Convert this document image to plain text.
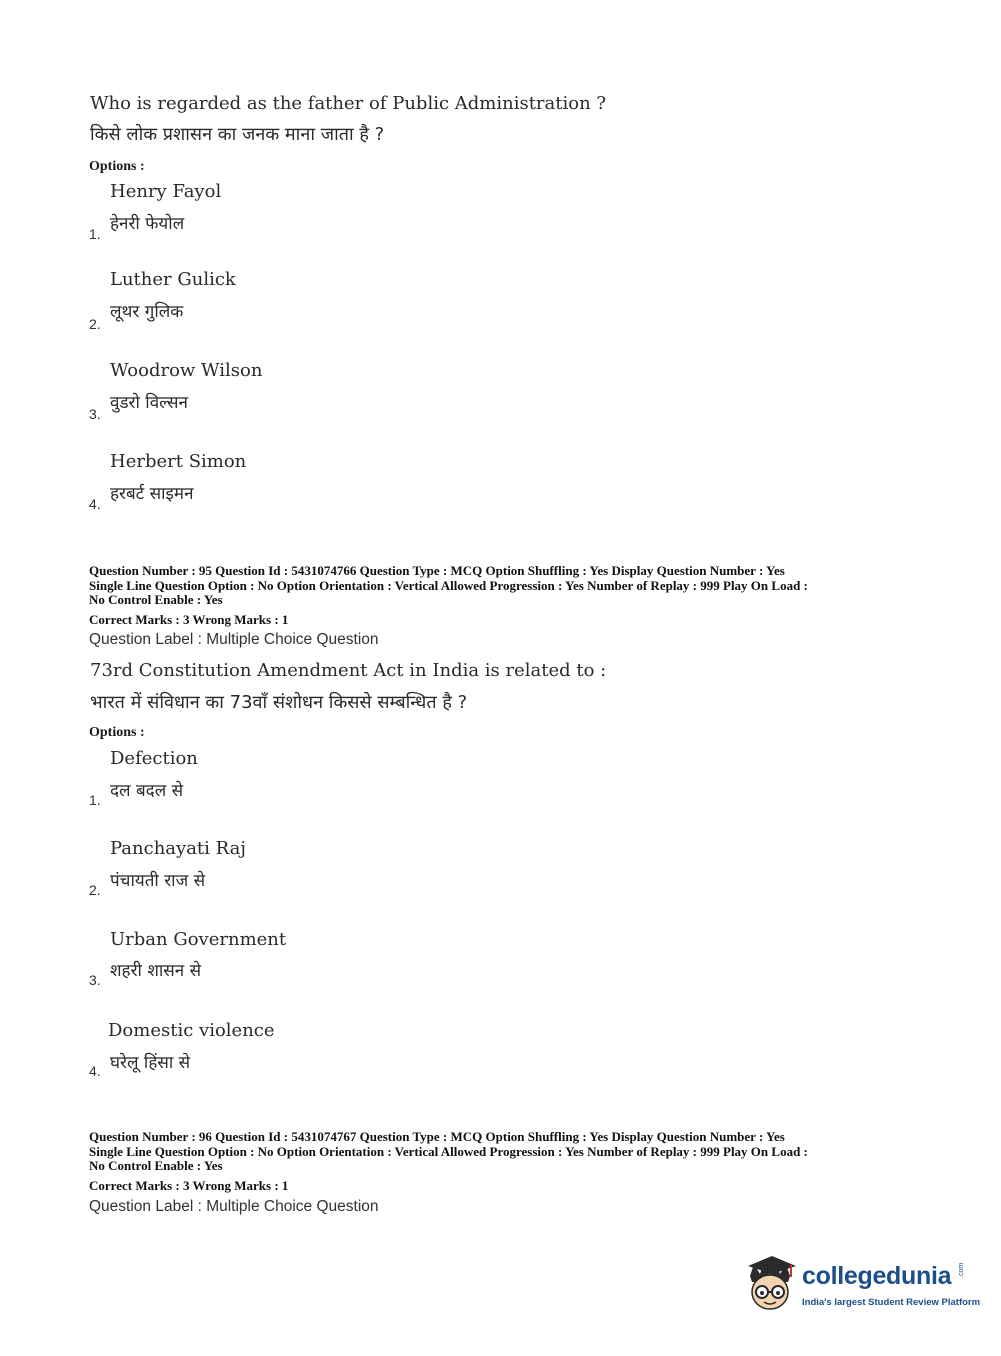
Who is regarded as the father of Public Administration ?
किसे लोक प्रशासन का जनक माना जाता है ?
Options :
Henry Fayol
हेनरी फेयोल
1.
Luther Gulick
लूथर गुलिक
2.
Woodrow Wilson
वुडरो विल्सन
3.
Herbert Simon
हरबर्ट साइमन
4.
Question Number : 95 Question Id : 5431074766 Question Type : MCQ Option Shuffling : Yes Display Question Number : Yes
Single Line Question Option : No Option Orientation : Vertical Allowed Progression : Yes Number of Replay : 999 Play On Load :
No Control Enable : Yes
Correct Marks : 3 Wrong Marks : 1
Question Label : Multiple Choice Question
73rd Constitution Amendment Act in India is related to :
भारत में संविधान का 73वाँ संशोधन किससे सम्बन्धित है ?
Options :
Defection
दल बदल से
1.
Panchayati Raj
पंचायती राज से
2.
Urban Government
शहरी शासन से
3.
Domestic violence
घरेलू हिंसा से
4.
Question Number : 96 Question Id : 5431074767 Question Type : MCQ Option Shuffling : Yes Display Question Number : Yes
Single Line Question Option : No Option Orientation : Vertical Allowed Progression : Yes Number of Replay : 999 Play On Load :
No Control Enable : Yes
Correct Marks : 3 Wrong Marks : 1
Question Label : Multiple Choice Question
collegedunia .com
India's largest Student Review Platform
